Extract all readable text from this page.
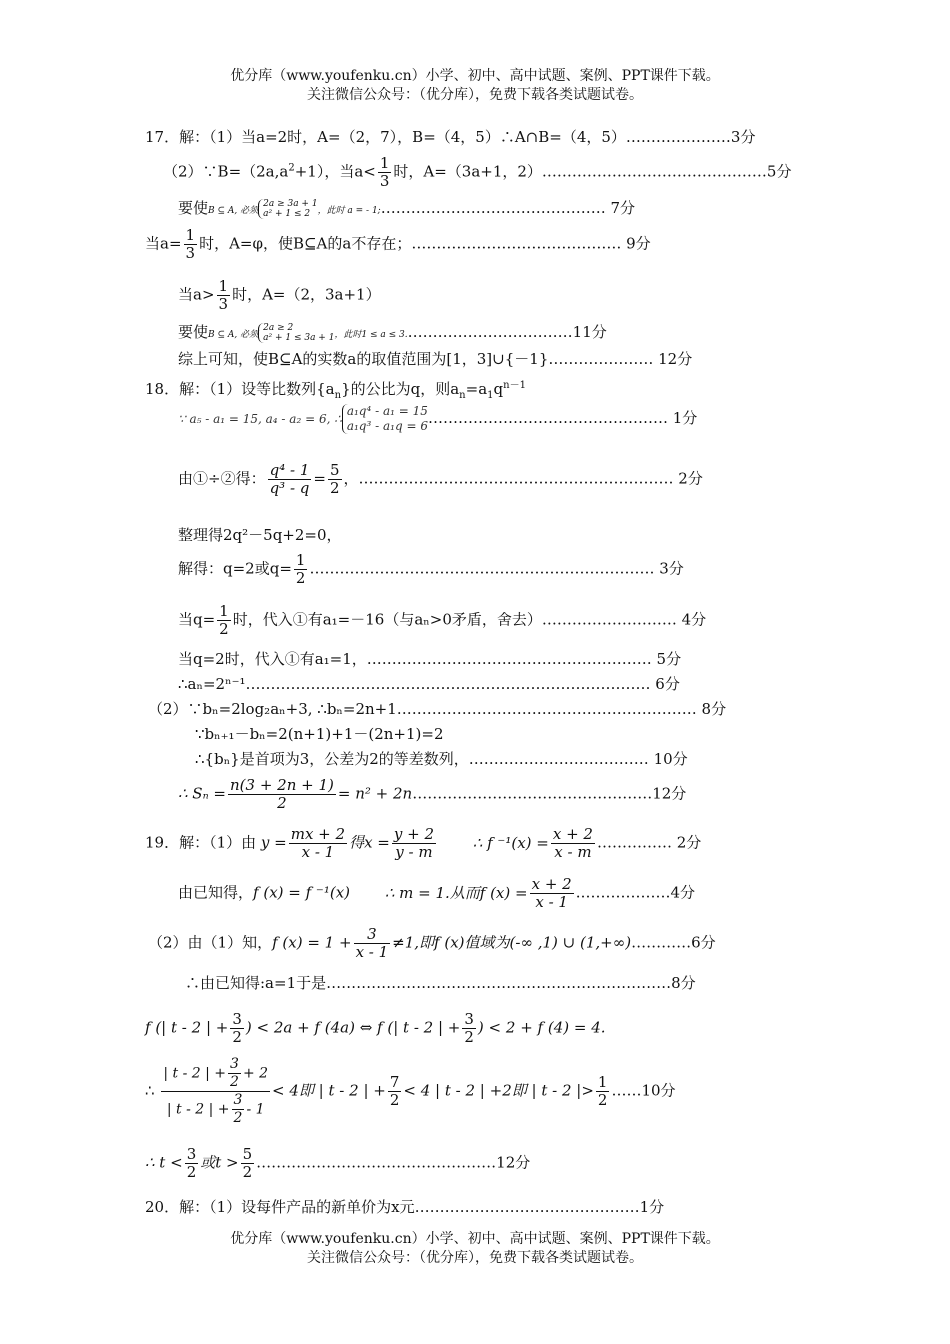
优分库（www.youfenku.cn）小学、初中、高中试题、案例、PPT课件下载。
关注微信公众号：（优分库），免费下载各类试题试卷。
17．解：（1）当a=2时，A=（2，7），B=（4，5）∴A∩B=（4，5）…………………3分
$(2)\because B=(2a,a^2+1)$，当$a< \frac{1}{3}$ 时，A=（3a+1，2）………………………………………5分
要使B ⊆ A, 必须
2a ≥ 3a + 1
a² + 1 ≤ 2 ，此时 a = - 1;……………………………………… 7分
当$a= \frac{1}{3}$ 时，A=φ，使B⊆A的a不存在；…………………………………… 9分
当$a> \frac{1}{3}$ 时，A=（2，3a+1）
要使B ⊆ A, 必须
2a ≥ 2
a² + 1 ≤ 3a + 1 ，此时1 ≤ a ≤ 3.……………………………11分
综上可知，使B⊆A的实数a的取值范围为[1，3]∪{－1}………………… 12分
18．解：（1）设等比数列$\{a_n\}$的公比为q，则$a_n=a_1q^{n-1}$
∵ a₅ - a₁ = 15, a₄ - a₂ = 6, ∴
a₁q⁴ - a₁ = 15
a₁q³ - a₁q = 6 ………………………………………… 1分
由①÷②得： $\frac{\text{q⁴ - 1}}{\text{q³ - q}} = \frac{5}{2}$ ，……………………………………………………… 2分
整理得2q²－5q+2=0，
解得：q=2或$q= \frac{1}{2}$ …………………………………………………………… 3分
当$q= \frac{1}{2}$ 时，代入①有a₁=－16（与aₙ>0矛盾，舍去）……………………… 4分
当q=2时，代入①有a₁=1，………………………………………………… 5分
∴aₙ=2ⁿ⁻¹……………………………………………………………………… 6分
（2）∵bₙ=2log₂aₙ+3, ∴bₙ=2n+1…………………………………………………… 8分
∵bₙ₊₁－bₙ=2(n+1)+1－(2n+1)=2
∴{bₙ}是首项为3，公差为2的等差数列，……………………………… 10分
∴ $S_n = \frac{n(3 + 2n + 1)}{2} = n^2$ + 2n…………………………………………12分
19．解：（1）由 $y = \frac{mx + 2}{x - 1}$ 得$x = \frac{y + 2}{y - m}$ ∴ f $^{-1}(x) = \frac{x + 2}{x - m}$ …………… 2分
由已知得，f (x) = f ⁻¹(x) ∴ m = 1.从而f $(x) = \frac{x + 2}{x - 1}$ .………………4分
（2）由（1）知，f $(x) = 1 + \frac{3}{x - 1} \ne 1$,即f (x)值域为(-∞ ,1) ∪ (1,+∞)…………6分
∴由已知得:a=1于是……………………………………………………………8分
f (| t - 2 | + $\frac{3}{2}$ ) < 2a + f (4a) ⇔ f (| t - 2 | + $\frac{3}{2}$ ) < 2 + f (4) = 4.
∴ $\frac{| t - 2 | + \frac{3}{2} + 2}{| t - 2 | + \frac{3}{2} - 1} < 4$即 | t - 2 | + $\frac{7}{2} < 4$ | t - 2 | +2即 | t - 2 |> $\frac{1}{2}$ ……10分
∴ $t < \frac{3}{2}$ 或$t > \frac{5}{2}$ …………………………………………12分
20．解：（1）设每件产品的新单价为x元………………………………………1分
优分库（www.youfenku.cn）小学、初中、高中试题、案例、PPT课件下载。
关注微信公众号：（优分库），免费下载各类试题试卷。
